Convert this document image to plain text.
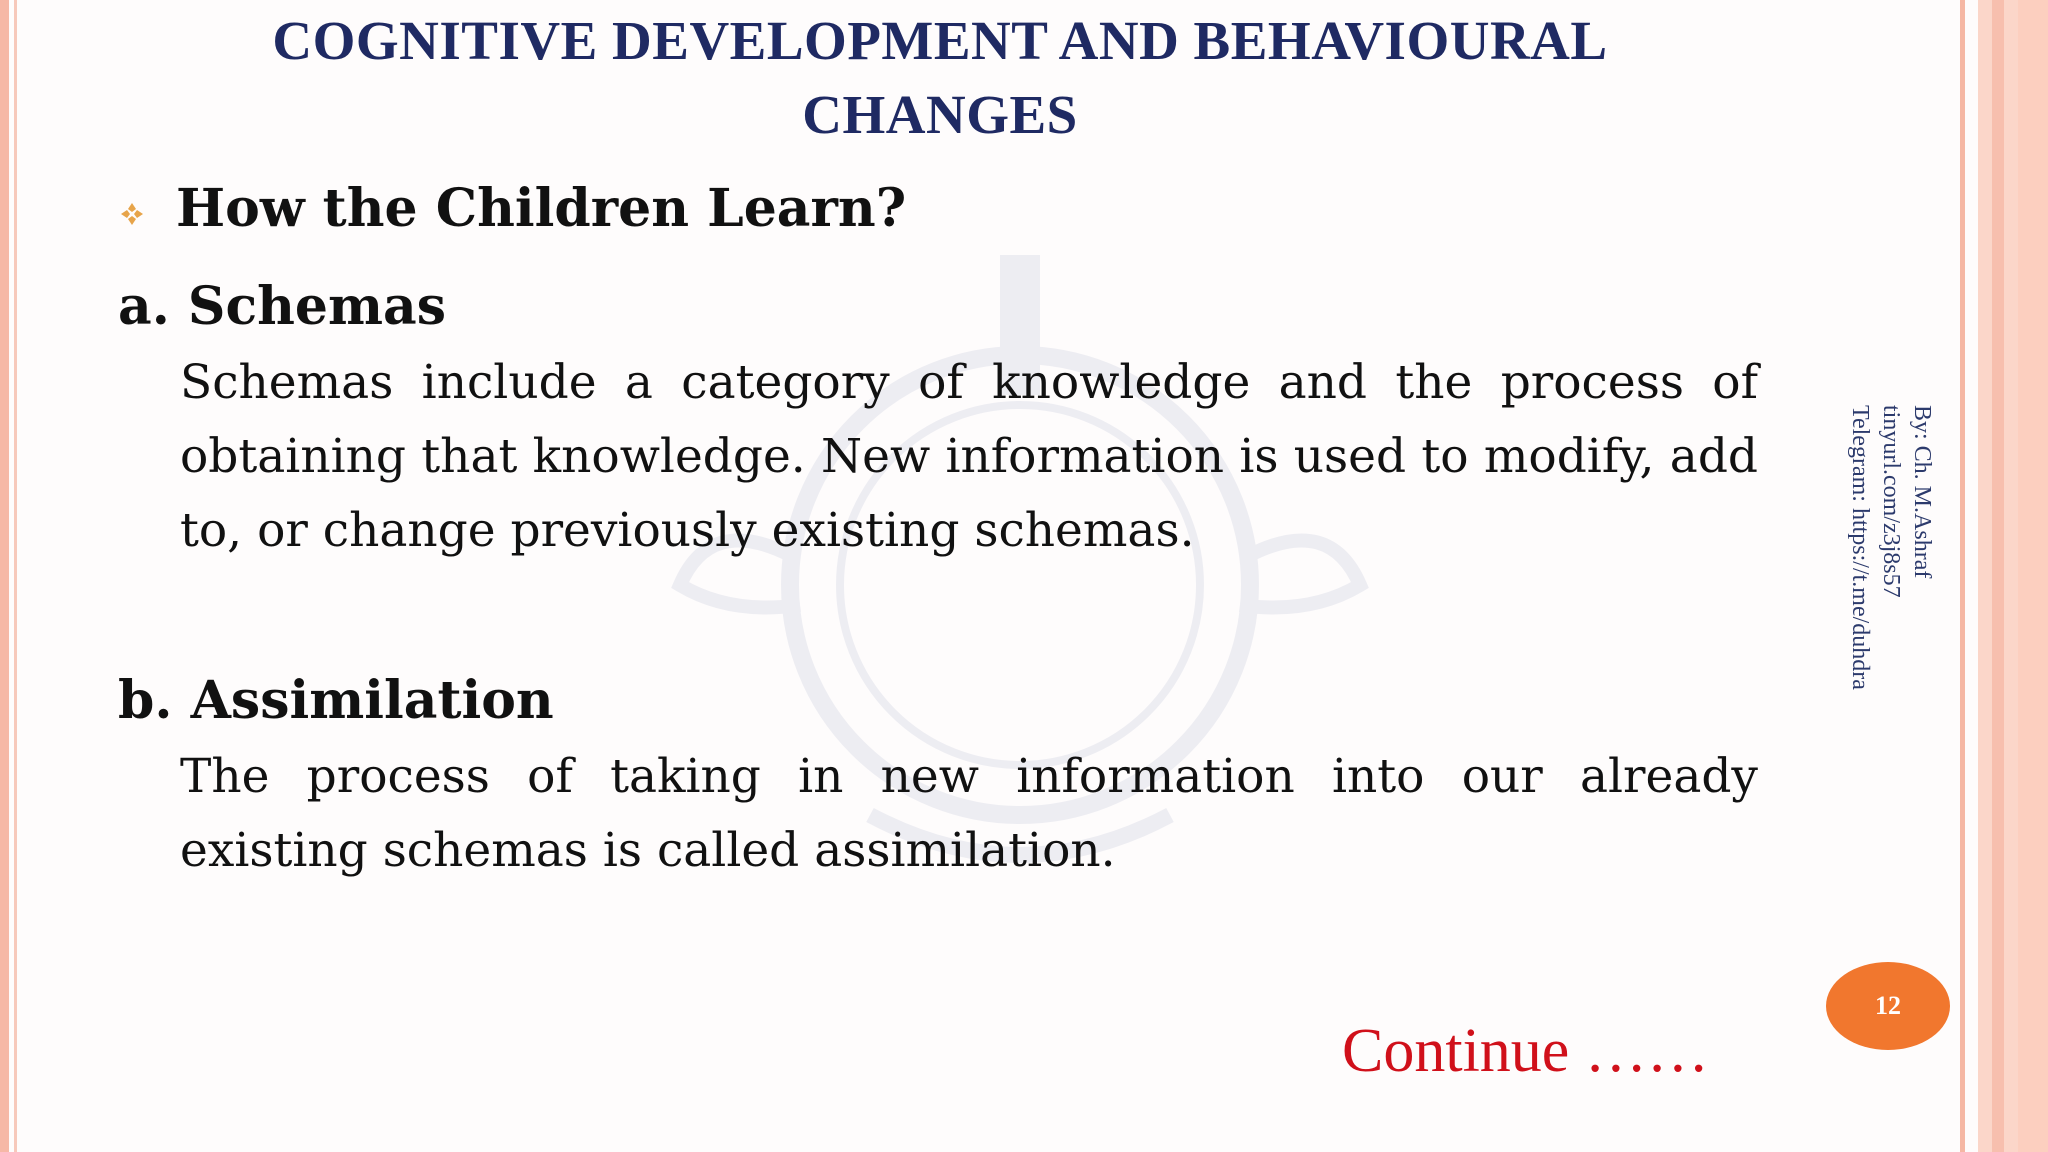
COGNITIVE DEVELOPMENT AND BEHAVIOURAL
CHANGES
How the Children Learn?
a. Schemas

Schemas include a category of knowledge and the process of obtaining that knowledge. New information is used to modify, add to, or change previously existing schemas.

b. Assimilation

The process of taking in new information into our already existing schemas is called assimilation.

Continue ……
By: Ch. M.Ashraf
tinyurl.com/z3j8s57
Telegram: https://t.me/duhdra
12
